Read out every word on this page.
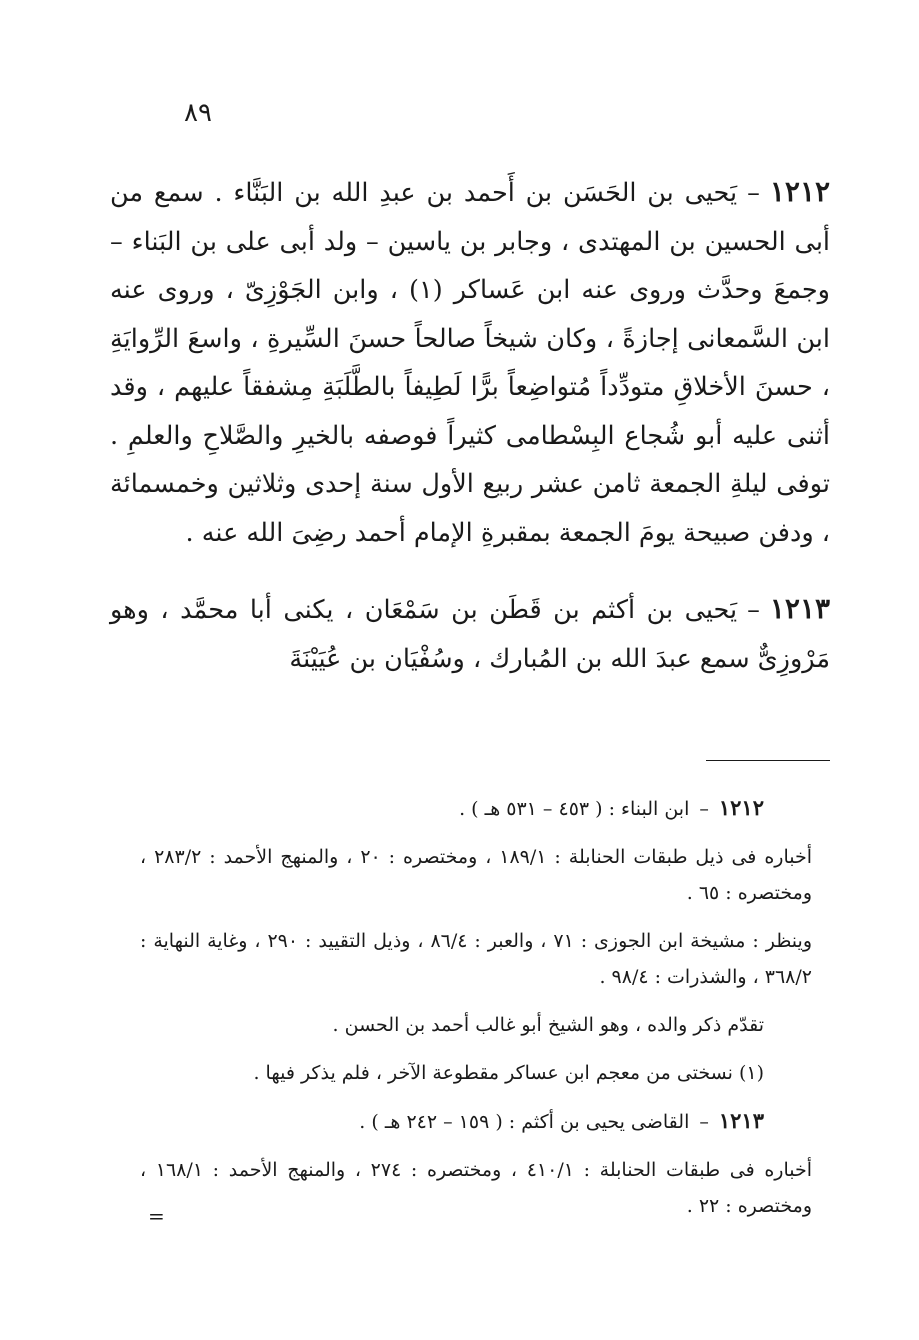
٨٩

١٢١٢–يَحيى بن الحَسَن بن أَحمد بن عبدِ الله بن البَنَّاء . سمع من أبى الحسين بن المهتدى ، وجابر بن ياسين – ولد أبى على بن البَناء – وجمعَ وحدَّث وروى عنه ابن عَساكر (١) ، وابن الجَوْزِىّ ، وروى عنه ابن السَّمعانى إجازةً ، وكان شيخاً صالحاً حسنَ السِّيرةِ ، واسعَ الرِّوايَةِ ، حسنَ الأخلاقِ متودِّداً مُتواضِعاً برًّا لَطِيفاً بالطَّلَبَةِ مِشفقاً عليهم ، وقد أثنى عليه أبو شُجاع البِسْطامى كثيراً فوصفه بالخيرِ والصَّلاحِ والعلمِ . توفى ليلةِ الجمعة ثامن عشر ربيع الأول سنة إحدى وثلاثين وخمسمائة ، ودفن صبيحة يومَ الجمعة بمقبرةِ الإمام أحمد رضِىَ الله عنه .

١٢١٣–يَحيى بن أكثم بن قَطَن بن سَمْعَان ، يكنى أبا محمَّد ، وهو مَرْوزِىٌّ سمع عبدَ الله بن المُبارك ، وسُفْيَان بن عُيَيْنَةَ

١٢١٢–ابن البناء : ( ٤٥٣ – ٥٣١ هـ ) .

أخباره فى ذيل طبقات الحنابلة : ١٨٩/١ ، ومختصره : ٢٠ ، والمنهج الأحمد : ٢٨٣/٢ ، ومختصره : ٦٥ .

وينظر : مشيخة ابن الجوزى : ٧١ ، والعبر : ٨٦/٤ ، وذيل التقييد : ٢٩٠ ، وغاية النهاية : ٣٦٨/٢ ، والشذرات : ٩٨/٤ .

تقدّم ذكر والده ، وهو الشيخ أبو غالب أحمد بن الحسن .

(١) نسختى من معجم ابن عساكر مقطوعة الآخر ، فلم يذكر فيها .

١٢١٣–القاضى يحيى بن أكثم : ( ١٥٩ – ٢٤٢ هـ ) .

أخباره فى طبقات الحنابلة : ٤١٠/١ ، ومختصره : ٢٧٤ ، والمنهج الأحمد : ١٦٨/١ ، ومختصره : ٢٢ .

=
